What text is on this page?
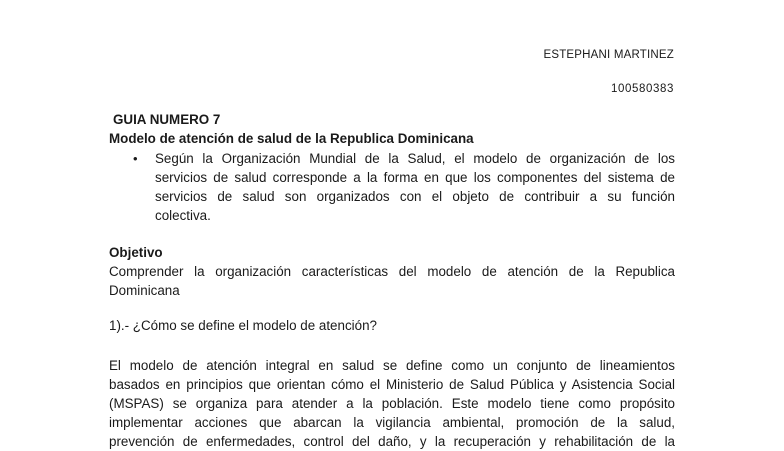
ESTEPHANI MARTINEZ

100580383

GUIA NUMERO 7

Modelo de atención de salud de la Republica Dominicana

• Según la Organización Mundial de la Salud, el modelo de organización de los
servicios de salud corresponde a la forma en que los componentes del sistema de
servicios de salud son organizados con el objeto de contribuir a su función
colectiva.

Objetivo

Comprender la organización características del modelo de atención de la Republica
Dominicana

1).- ¿Cómo se define el modelo de atención?

El modelo de atención integral en salud se define como un conjunto de lineamientos
basados en principios que orientan cómo el Ministerio de Salud Pública y Asistencia Social
(MSPAS) se organiza para atender a la población. Este modelo tiene como propósito
implementar acciones que abarcan la vigilancia ambiental, promoción de la salud,
prevención de enfermedades, control del daño, y la recuperación y rehabilitación de la
